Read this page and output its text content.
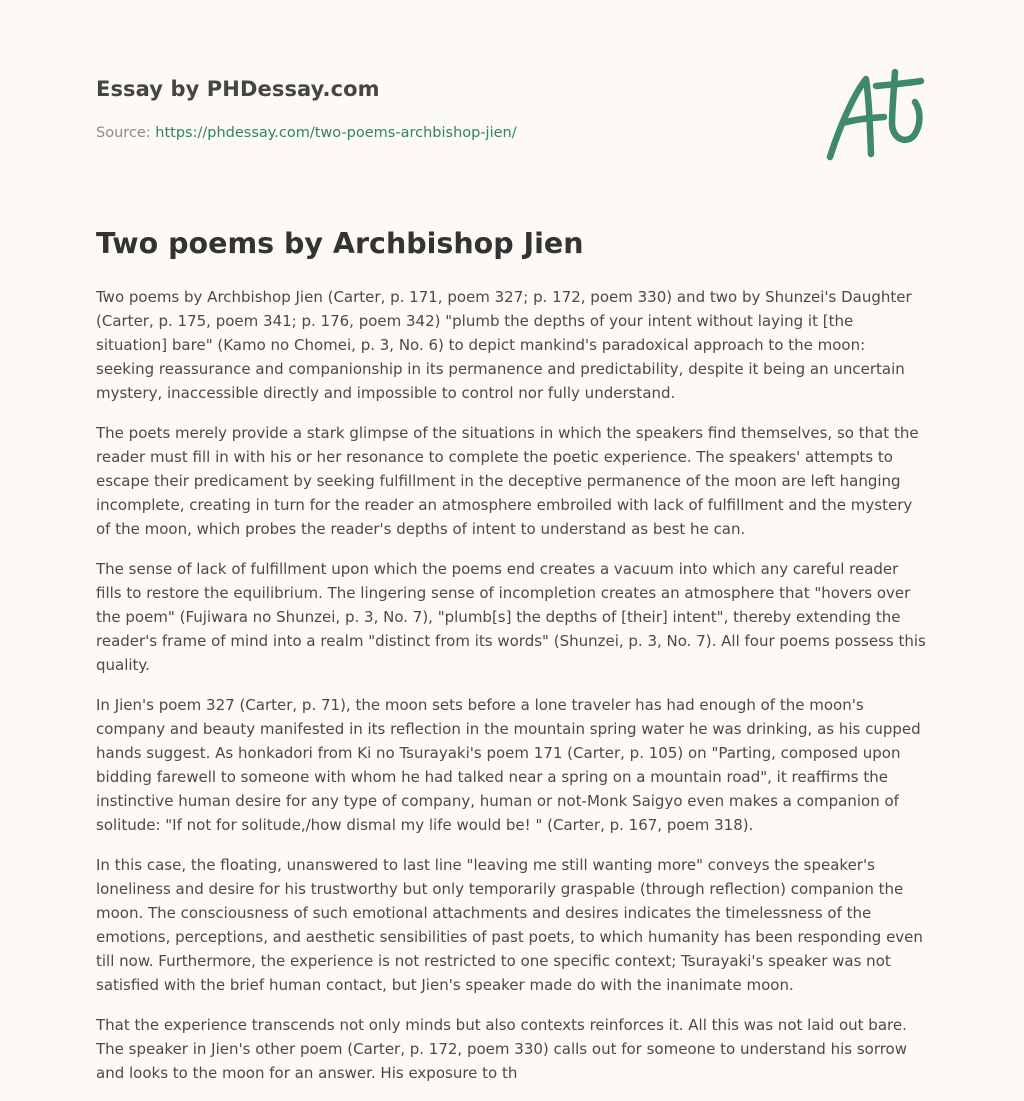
Essay by PHDessay.com
Source: https://phdessay.com/two-poems-archbishop-jien/
Two poems by Archbishop Jien

Two poems by Archbishop Jien (Carter, p. 171, poem 327; p. 172, poem 330) and two by Shunzei's Daughter (Carter, p. 175, poem 341; p. 176, poem 342) "plumb the depths of your intent without laying it [the situation] bare" (Kamo no Chomei, p. 3, No. 6) to depict mankind's paradoxical approach to the moon: seeking reassurance and companionship in its permanence and predictability, despite it being an uncertain mystery, inaccessible directly and impossible to control nor fully understand.

The poets merely provide a stark glimpse of the situations in which the speakers find themselves, so that the reader must fill in with his or her resonance to complete the poetic experience. The speakers' attempts to escape their predicament by seeking fulfillment in the deceptive permanence of the moon are left hanging incomplete, creating in turn for the reader an atmosphere embroiled with lack of fulfillment and the mystery of the moon, which probes the reader's depths of intent to understand as best he can.

The sense of lack of fulfillment upon which the poems end creates a vacuum into which any careful reader fills to restore the equilibrium. The lingering sense of incompletion creates an atmosphere that "hovers over the poem" (Fujiwara no Shunzei, p. 3, No. 7), "plumb[s] the depths of [their] intent", thereby extending the reader's frame of mind into a realm "distinct from its words" (Shunzei, p. 3, No. 7). All four poems possess this quality.

In Jien's poem 327 (Carter, p. 71), the moon sets before a lone traveler has had enough of the moon's company and beauty manifested in its reflection in the mountain spring water he was drinking, as his cupped hands suggest. As honkadori from Ki no Tsurayaki's poem 171 (Carter, p. 105) on "Parting, composed upon bidding farewell to someone with whom he had talked near a spring on a mountain road", it reaffirms the instinctive human desire for any type of company, human or not-Monk Saigyo even makes a companion of solitude: "If not for solitude,/how dismal my life would be! " (Carter, p. 167, poem 318).

In this case, the floating, unanswered to last line "leaving me still wanting more" conveys the speaker's loneliness and desire for his trustworthy but only temporarily graspable (through reflection) companion the moon. The consciousness of such emotional attachments and desires indicates the timelessness of the emotions, perceptions, and aesthetic sensibilities of past poets, to which humanity has been responding even till now. Furthermore, the experience is not restricted to one specific context; Tsurayaki's speaker was not satisfied with the brief human contact, but Jien's speaker made do with the inanimate moon.

That the experience transcends not only minds but also contexts reinforces it. All this was not laid out bare. The speaker in Jien's other poem (Carter, p. 172, poem 330) calls out for someone to understand his sorrow and looks to the moon for an answer. His exposure to th
